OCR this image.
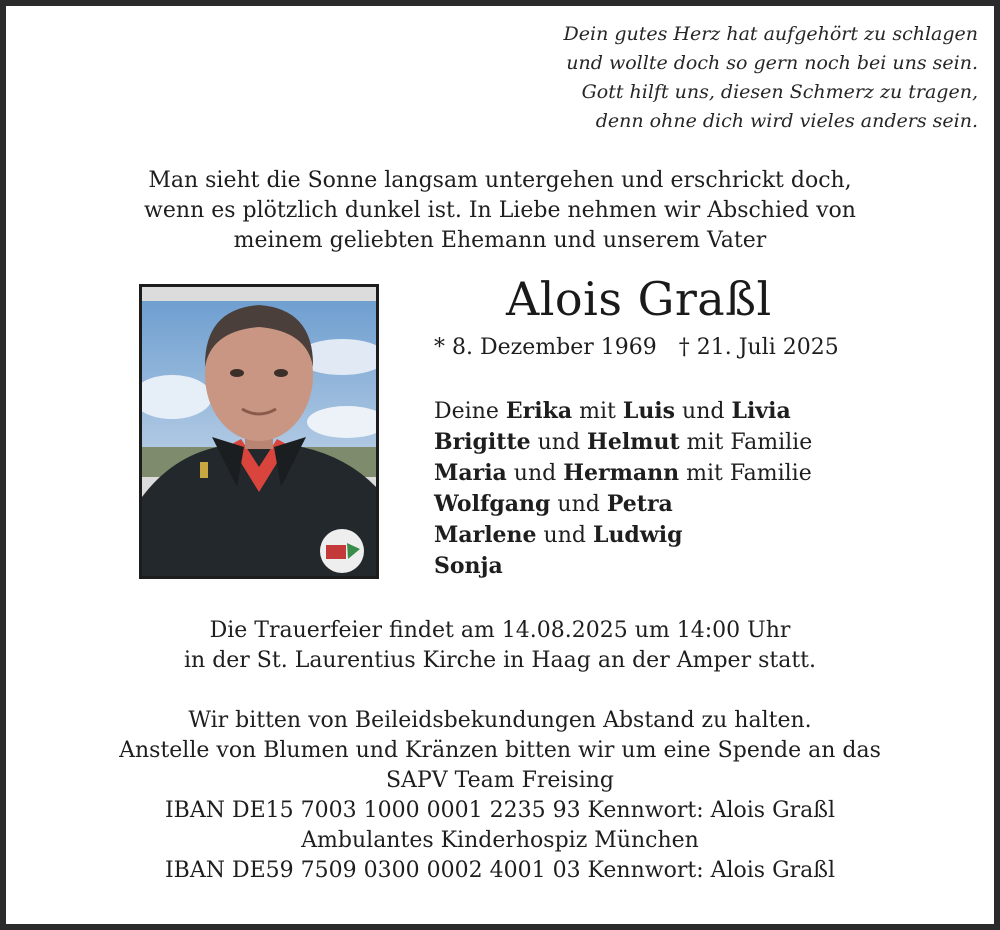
Dein gutes Herz hat aufgehört zu schlagen
und wollte doch so gern noch bei uns sein.
Gott hilft uns, diesen Schmerz zu tragen,
denn ohne dich wird vieles anders sein.
Man sieht die Sonne langsam untergehen und erschrickt doch,
wenn es plötzlich dunkel ist. In Liebe nehmen wir Abschied von
meinem geliebten Ehemann und unserem Vater
Alois Graßl
* 8. Dezember 1969 † 21. Juli 2025
Deine Erika mit Luis und Livia
Brigitte und Helmut mit Familie
Maria und Hermann mit Familie
Wolfgang und Petra
Marlene und Ludwig
Sonja
Die Trauerfeier findet am 14.08.2025 um 14:00 Uhr
in der St. Laurentius Kirche in Haag an der Amper statt.
Wir bitten von Beileidsbekundungen Abstand zu halten.
Anstelle von Blumen und Kränzen bitten wir um eine Spende an das
SAPV Team Freising
IBAN DE15 7003 1000 0001 2235 93 Kennwort: Alois Graßl
Ambulantes Kinderhospiz München
IBAN DE59 7509 0300 0002 4001 03 Kennwort: Alois Graßl
